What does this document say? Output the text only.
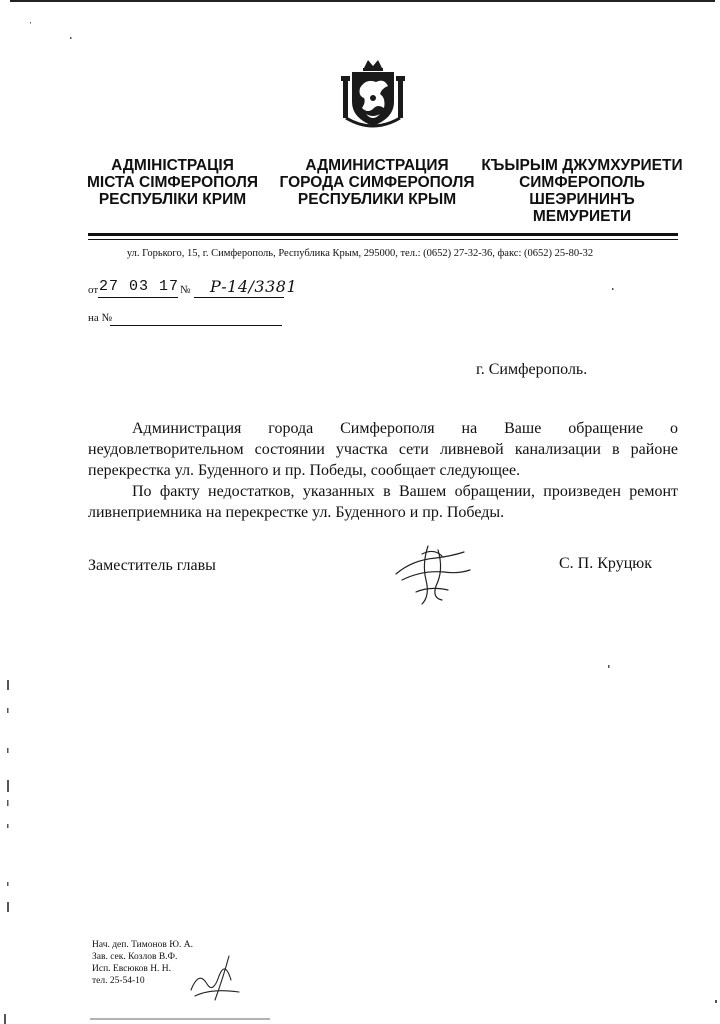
АДМІНІСТРАЦІЯ
МІСТА СІМФЕРОПОЛЯ
РЕСПУБЛІКИ КРИМ
АДМИНИСТРАЦИЯ
ГОРОДА СИМФЕРОПОЛЯ
РЕСПУБЛИКИ КРЫМ
КЪЫРЫМ ДЖУМХУРИЕТИ
СИМФЕРОПОЛЬ
ШЕЭРИНИНЪ
МЕМУРИЕТИ
ул. Горького, 15, г. Симферополь, Республика Крым, 295000, тел.: (0652) 27-32-36, факс: (0652) 25-80-32
от 27 03 17 № Р-14/3381
на №
г. Симферополь.

Администрация города Симферополя на Ваше обращение о неудовлетворительном состоянии участка сети ливневой канализации в районе перекрестка ул. Буденного и пр. Победы, сообщает следующее.

По факту недостатков, указанных в Вашем обращении, произведен ремонт ливнеприемника на перекрестке ул. Буденного и пр. Победы.

Заместитель главы	С. П. Круцюк
Нач. деп. Тимонов Ю. А.
Зав. сек. Козлов В.Ф.
Исп. Евсюков Н. Н.
тел. 25-54-10
